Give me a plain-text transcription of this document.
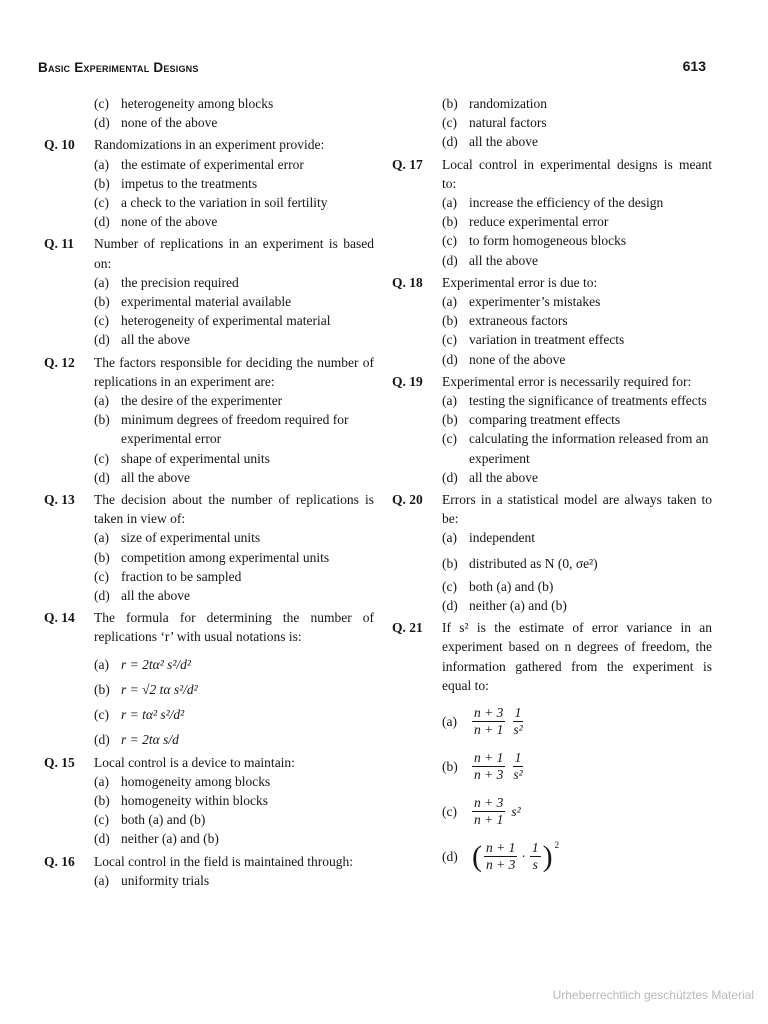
Basic Experimental Designs	613
(c) heterogeneity among blocks
(d) none of the above
Q. 10	Randomizations in an experiment provide:
(a) the estimate of experimental error
(b) impetus to the treatments
(c) a check to the variation in soil fertility
(d) none of the above
Q. 11	Number of replications in an experiment is based on:
(a) the precision required
(b) experimental material available
(c) heterogeneity of experimental material
(d) all the above
Q. 12	The factors responsible for deciding the number of replications in an experiment are:
(a) the desire of the experimenter
(b) minimum degrees of freedom required for experimental error
(c) shape of experimental units
(d) all the above
Q. 13	The decision about the number of replications is taken in view of:
(a) size of experimental units
(b) competition among experimental units
(c) fraction to be sampled
(d) all the above
Q. 14	The formula for determining the number of replications ‘r’ with usual notations is:
(a) r = 2tα² s²/d²
(b) r = √2 tα s²/d²
(c) r = tα² s²/d²
(d) r = 2tα s/d
Q. 15	Local control is a device to maintain:
(a) homogeneity among blocks
(b) homogeneity within blocks
(c) both (a) and (b)
(d) neither (a) and (b)
Q. 16	Local control in the field is maintained through:
(a) uniformity trials
(b) randomization
(c) natural factors
(d) all the above
Q. 17	Local control in experimental designs is meant to:
(a) increase the efficiency of the design
(b) reduce experimental error
(c) to form homogeneous blocks
(d) all the above
Q. 18	Experimental error is due to:
(a) experimenter’s mistakes
(b) extraneous factors
(c) variation in treatment effects
(d) none of the above
Q. 19	Experimental error is necessarily required for:
(a) testing the significance of treatments effects
(b) comparing treatment effects
(c) calculating the information released from an experiment
(d) all the above
Q. 20	Errors in a statistical model are always taken to be:
(a) independent
(b) distributed as N (0, σe²)
(c) both (a) and (b)
(d) neither (a) and (b)
Q. 21	If s² is the estimate of error variance in an experiment based on n degrees of freedom, the information gathered from the experiment is equal to:
(a)	$\frac{n + 3}{n + 1} \frac{1}{\text{s²}}$
(b)	$\frac{n + 1}{n + 3} \frac{1}{\text{s²}}$
(c)	$\frac{n + 3}{n + 1} s^2$
(d) ( $\frac{n + 1}{n + 3} \cdot \frac{1}{s}$ ) 2
Urheberrechtlich geschütztes Material
